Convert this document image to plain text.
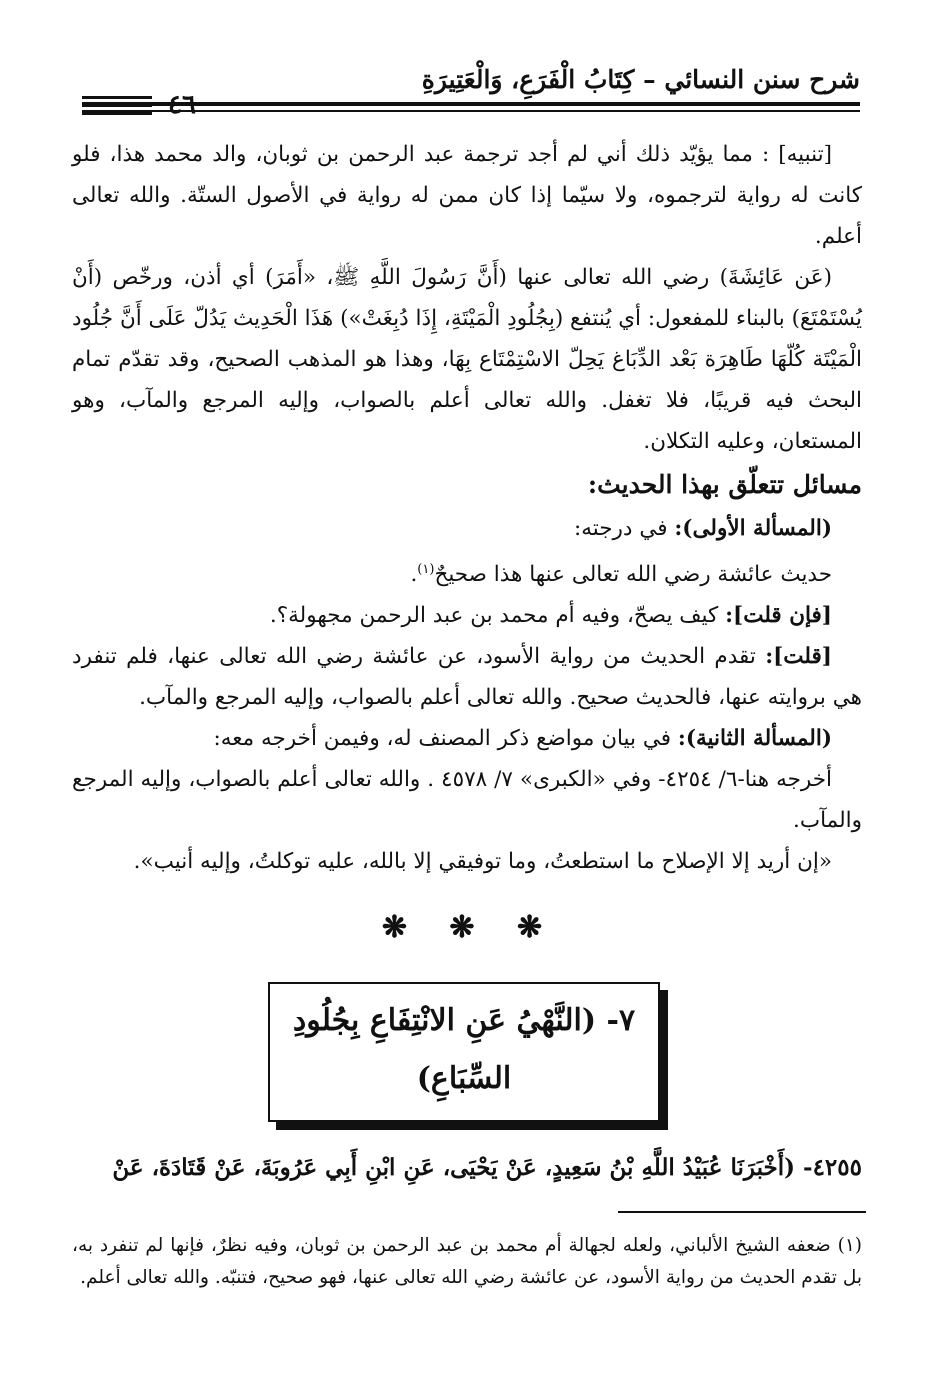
شرح سنن النسائي – كِتَابُ الْفَرَعِ، وَالْعَتِيرَةِ
٤٦

[تنبيه] : مما يؤيّد ذلك أني لم أجد ترجمة عبد الرحمن بن ثوبان، والد محمد هذا، فلو كانت له رواية لترجموه، ولا سيّما إذا كان ممن له رواية في الأصول الستّة. والله تعالى أعلم.

(عَن عَائِشَةَ) رضي الله تعالى عنها (أَنَّ رَسُولَ اللَّهِ ﷺ، «أَمَرَ) أي أذن، ورخّص (أَنْ يُسْتَمْتَعَ) بالبناء للمفعول: أي يُنتفع (بِجُلُودِ الْمَيْتَةِ، إِذَا دُبِغَتْ») هَذَا الْحَدِيث يَدُلّ عَلَى أَنَّ جُلُود الْمَيْتَة كُلّهَا طَاهِرَة بَعْد الدِّبَاغ يَحِلّ الاسْتِمْتَاع بِهَا، وهذا هو المذهب الصحيح، وقد تقدّم تمام البحث فيه قريبًا، فلا تغفل. والله تعالى أعلم بالصواب، وإليه المرجع والمآب، وهو المستعان، وعليه التكلان.

مسائل تتعلّق بهذا الحديث:

(المسألة الأولى): في درجته:

حديث عائشة رضي الله تعالى عنها هذا صحيحٌ$^{(١)}$.

[فإن قلت]: كيف يصحّ، وفيه أم محمد بن عبد الرحمن مجهولة؟.

[قلت]: تقدم الحديث من رواية الأسود، عن عائشة رضي الله تعالى عنها، فلم تنفرد هي بروايته عنها، فالحديث صحيح. والله تعالى أعلم بالصواب، وإليه المرجع والمآب.

(المسألة الثانية): في بيان مواضع ذكر المصنف له، وفيمن أخرجه معه:

أخرجه هنا-٦/ ٤٢٥٤- وفي «الكبرى» ٧/ ٤٥٧٨ . والله تعالى أعلم بالصواب، وإليه المرجع والمآب.

«إن أريد إلا الإصلاح ما استطعتُ، وما توفيقي إلا بالله، عليه توكلتُ، وإليه أنيب».

❋ ❋ ❋
٧- (النَّهْيُ عَنِ الانْتِفَاعِ بِجُلُودِ
السِّبَاعِ)
٤٢٥٥- (أَخْبَرَنَا عُبَيْدُ اللَّهِ بْنُ سَعِيدٍ، عَنْ يَحْيَى، عَنِ ابْنِ أَبِي عَرُوبَةَ، عَنْ قَتَادَةَ، عَنْ

(١) ضعفه الشيخ الألباني، ولعله لجهالة أم محمد بن عبد الرحمن بن ثوبان، وفيه نظرٌ، فإنها لم تنفرد به، بل تقدم الحديث من رواية الأسود، عن عائشة رضي الله تعالى عنها، فهو صحيح، فتنبّه. والله تعالى أعلم.
